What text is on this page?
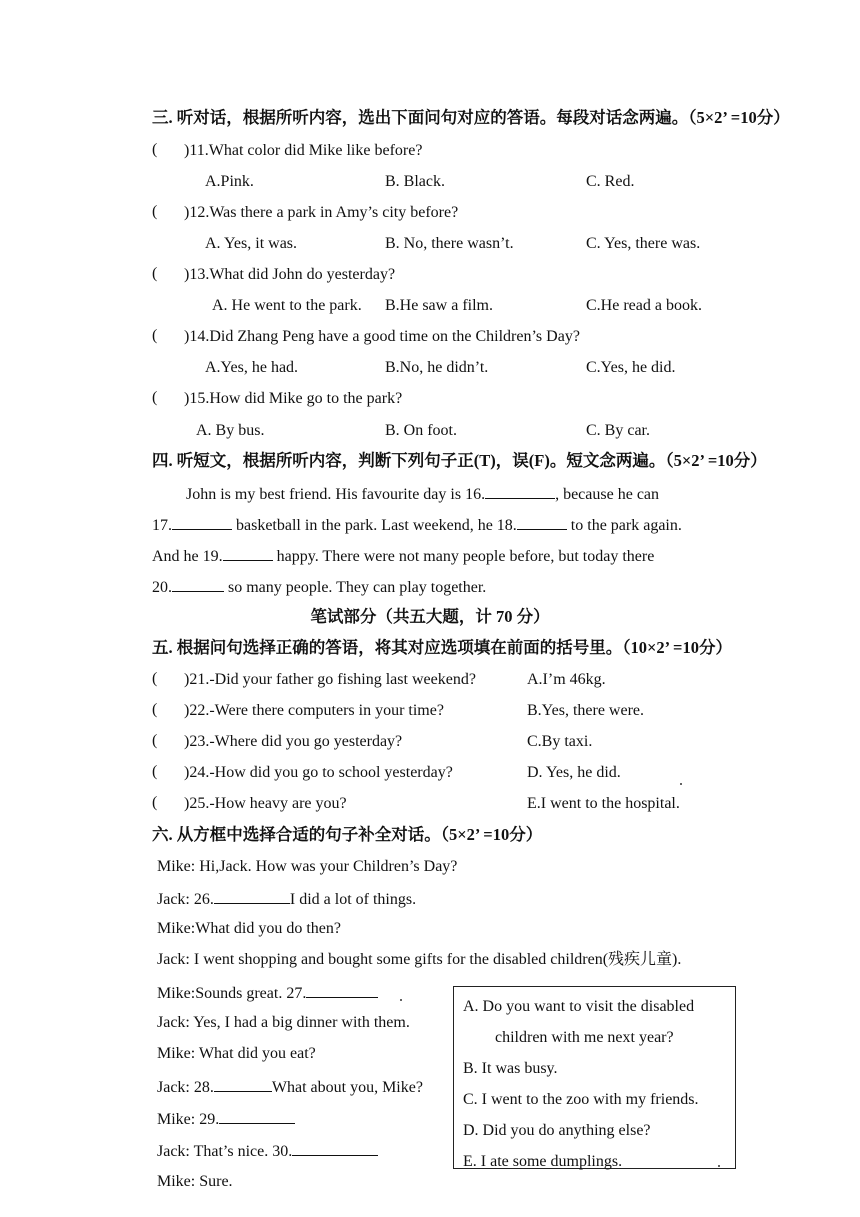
三. 听对话，根据所听内容，选出下面问句对应的答语。每段对话念两遍。（5×2’ =10分）
( )11.What color did Mike like before?
A.Pink.	B. Black.	C. Red.
( )12.Was there a park in Amy’s city before?
A. Yes, it was.	B. No, there wasn’t.	C. Yes, there was.
( )13.What did John do yesterday?
A. He went to the park. B.He saw a film.	C.He read a book.
( )14.Did Zhang Peng have a good time on the Children’s Day?
A.Yes, he had.	B.No, he didn’t.	C.Yes, he did.
( )15.How did Mike go to the park?
A. By bus.	B. On foot.	C. By car.
四. 听短文，根据所听内容，判断下列句子正(T)，误(F)。短文念两遍。（5×2’ =10分）
John is my best friend. His favourite day is 16.	, because he can
17.	basketball in the park. Last weekend, he 18.	to the park again.
And he 19.	happy. There were not many people before, but today there
20.	so many people. They can play together.
笔试部分（共五大题，计 70 分）
五. 根据问句选择正确的答语，将其对应选项填在前面的括号里。（10×2’ =10分）
( )21.-Did your father go fishing last weekend?	A.I’m 46kg.
( )22.-Were there computers in your time?	B.Yes, there were.
( )23.-Where did you go yesterday?	C.By taxi.
( )24.-How did you go to school yesterday?	D. Yes, he did.
( )25.-How heavy are you?	E.I went to the hospital.
六. 从方框中选择合适的句子补全对话。（5×2’ =10分）
Mike: Hi,Jack. How was your Children’s Day?
Jack: 26.	I did a lot of things.
Mike:What did you do then?
Jack: I went shopping and bought some gifts for the disabled children(残疾儿童).
Mike:Sounds great. 27.
Jack: Yes, I had a big dinner with them.
Mike: What did you eat?
Jack: 28.	What about you, Mike?
Mike: 29.
Jack: That’s nice. 30.
Mike: Sure.
A. Do you want to visit the disabled
children with me next year?
B. It was busy.
C. I went to the zoo with my friends.
D. Did you do anything else?
E. I ate some dumplings.
